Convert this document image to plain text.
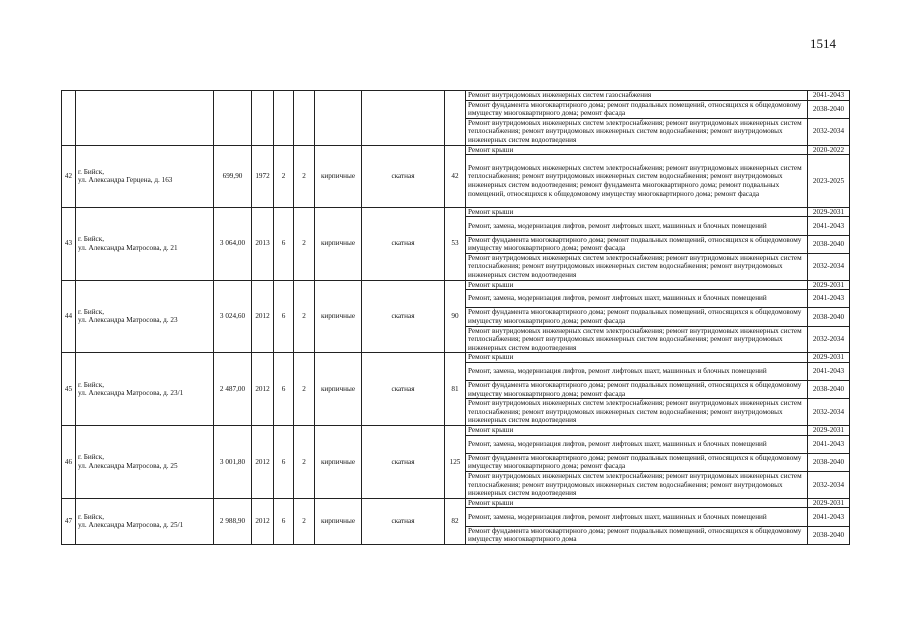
1514
									Ремонт внутридомовых инженерных систем газоснабжения	2041-2043
									Ремонт фундамента многоквартирного дома; ремонт подвальных помещений, относящихся к общедомовому имуществу многоквартирного дома; ремонт фасада	2038-2040
									Ремонт внутридомовых инженерных систем электроснабжения; ремонт внутридомовых инженерных систем теплоснабжения; ремонт внутридомовых инженерных систем водоснабжения; ремонт внутридомовых инженерных систем водоотведения	2032-2034
42	г. Бийск,
ул. Александра Герцена, д. 163	699,90	1972	2	2	кирпичные	скатная	42	Ремонт крыши	2020-2022
									Ремонт внутридомовых инженерных систем электроснабжения; ремонт внутридомовых инженерных систем теплоснабжения; ремонт внутридомовых инженерных систем водоснабжения; ремонт внутридомовых инженерных систем водоотведения; ремонт фундамента многоквартирного дома; ремонт подвальных помещений, относящихся к общедомовому имуществу многоквартирного дома; ремонт фасада	2023-2025
43	г. Бийск,
ул. Александра Матросова, д. 21	3 064,00	2013	6	2	кирпичные	скатная	53	Ремонт крыши	2029-2031
									Ремонт, замена, модернизация лифтов, ремонт лифтовых шахт, машинных и блочных помещений	2041-2043
									Ремонт фундамента многоквартирного дома; ремонт подвальных помещений, относящихся к общедомовому имуществу многоквартирного дома; ремонт фасада	2038-2040
									Ремонт внутридомовых инженерных систем электроснабжения; ремонт внутридомовых инженерных систем теплоснабжения; ремонт внутридомовых инженерных систем водоснабжения; ремонт внутридомовых инженерных систем водоотведения	2032-2034
44	г. Бийск,
ул. Александра Матросова, д. 23	3 024,60	2012	6	2	кирпичные	скатная	90	Ремонт крыши	2029-2031
									Ремонт, замена, модернизация лифтов, ремонт лифтовых шахт, машинных и блочных помещений	2041-2043
									Ремонт фундамента многоквартирного дома; ремонт подвальных помещений, относящихся к общедомовому имуществу многоквартирного дома; ремонт фасада	2038-2040
									Ремонт внутридомовых инженерных систем электроснабжения; ремонт внутридомовых инженерных систем теплоснабжения; ремонт внутридомовых инженерных систем водоснабжения; ремонт внутридомовых инженерных систем водоотведения	2032-2034
45	г. Бийск,
ул. Александра Матросова, д. 23/1	2 487,00	2012	6	2	кирпичные	скатная	81	Ремонт крыши	2029-2031
									Ремонт, замена, модернизация лифтов, ремонт лифтовых шахт, машинных и блочных помещений	2041-2043
									Ремонт фундамента многоквартирного дома; ремонт подвальных помещений, относящихся к общедомовому имуществу многоквартирного дома; ремонт фасада	2038-2040
									Ремонт внутридомовых инженерных систем электроснабжения; ремонт внутридомовых инженерных систем теплоснабжения; ремонт внутридомовых инженерных систем водоснабжения; ремонт внутридомовых инженерных систем водоотведения	2032-2034
46	г. Бийск,
ул. Александра Матросова, д. 25	3 001,80	2012	6	2	кирпичные	скатная	125	Ремонт крыши	2029-2031
									Ремонт, замена, модернизация лифтов, ремонт лифтовых шахт, машинных и блочных помещений	2041-2043
									Ремонт фундамента многоквартирного дома; ремонт подвальных помещений, относящихся к общедомовому имуществу многоквартирного дома; ремонт фасада	2038-2040
									Ремонт внутридомовых инженерных систем электроснабжения; ремонт внутридомовых инженерных систем теплоснабжения; ремонт внутридомовых инженерных систем водоснабжения; ремонт внутридомовых инженерных систем водоотведения	2032-2034
47	г. Бийск,
ул. Александра Матросова, д. 25/1	2 988,90	2012	6	2	кирпичные	скатная	82	Ремонт крыши	2029-2031
									Ремонт, замена, модернизация лифтов, ремонт лифтовых шахт, машинных и блочных помещений	2041-2043
									Ремонт фундамента многоквартирного дома; ремонт подвальных помещений, относящихся к общедомовому имуществу многоквартирного дома	2038-2040
